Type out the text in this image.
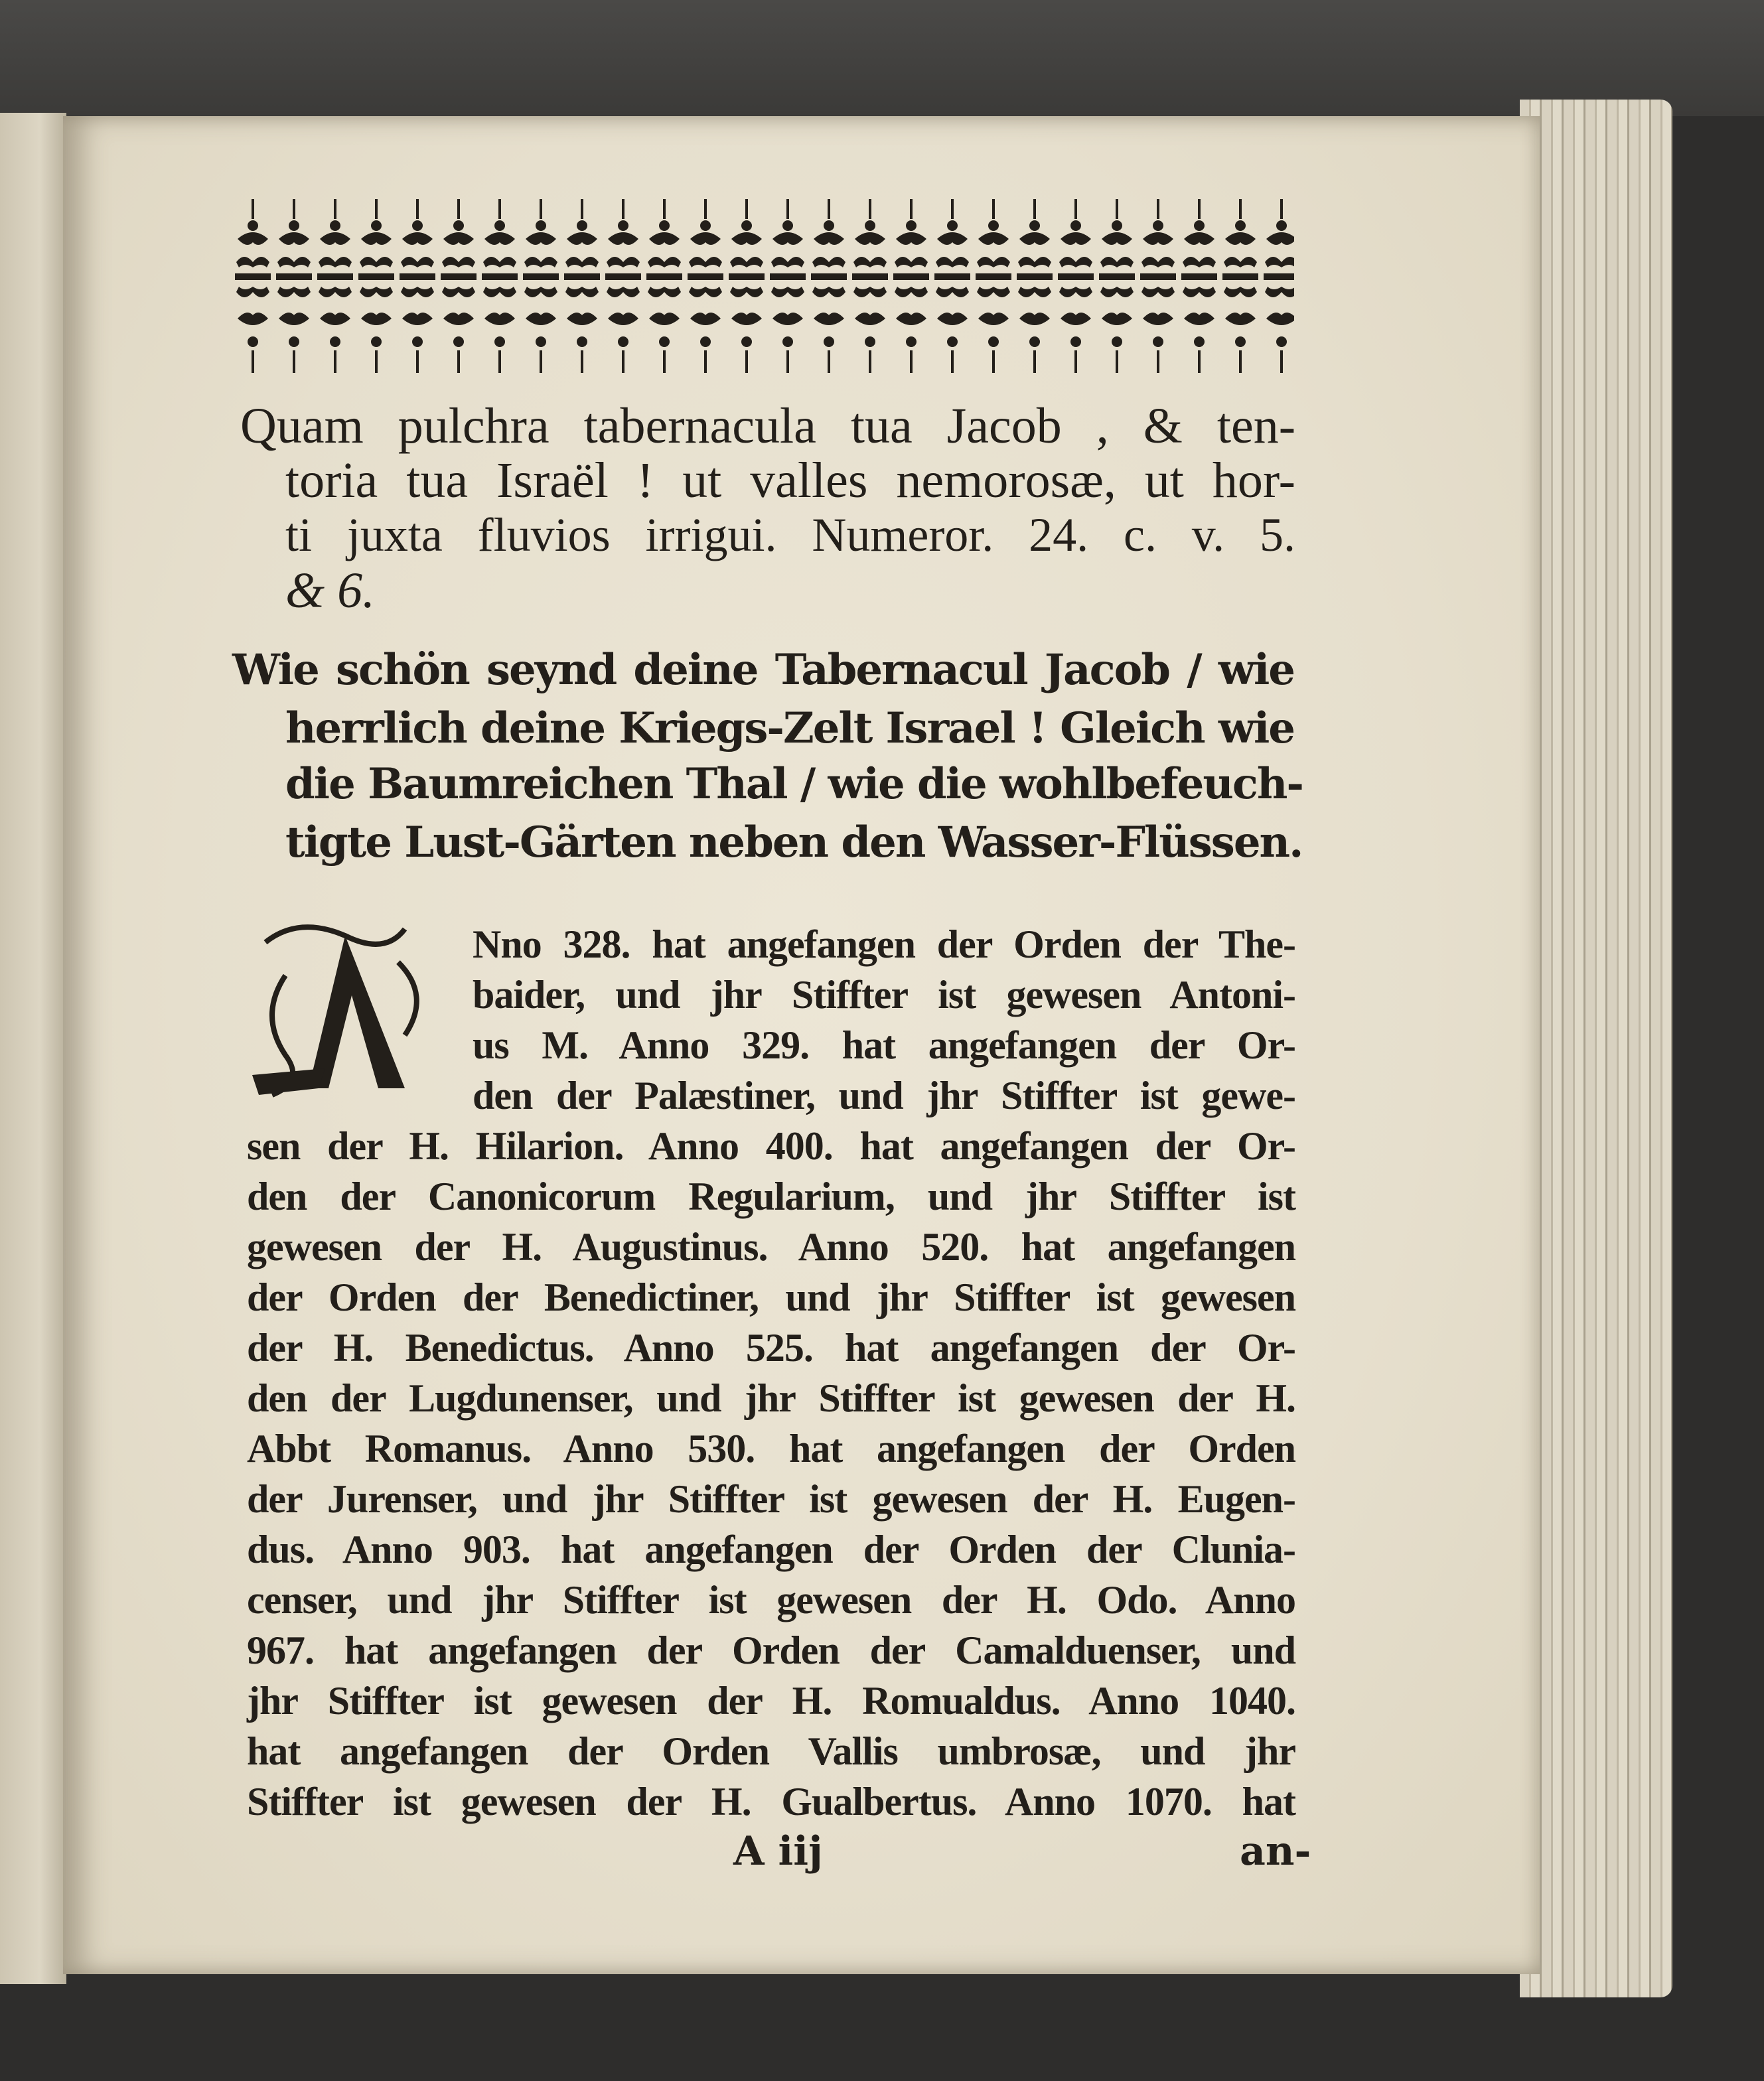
Quam pulchra tabernacula tua Jacob , & ten-
toria tua Israël ! ut valles nemorosæ, ut hor-
ti juxta fluvios irrigui. Numeror. 24. c. v. 5.
& 6.
Wie schön seynd deine Tabernacul Jacob / wie
herrlich deine Kriegs-Zelt Israel ! Gleich wie
die Baumreichen Thal / wie die wohlbefeuch-
tigte Lust-Gärten neben den Wasser-Flüssen.
A
Nno 328. hat angefangen der Orden der The-
baider, und jhr Stiffter ist gewesen Antoni-
us M. Anno 329. hat angefangen der Or-
den der Palæstiner, und jhr Stiffter ist gewe-
sen der H. Hilarion. Anno 400. hat angefangen der Or-
den der Canonicorum Regularium, und jhr Stiffter ist
gewesen der H. Augustinus. Anno 520. hat angefangen
der Orden der Benedictiner, und jhr Stiffter ist gewesen
der H. Benedictus. Anno 525. hat angefangen der Or-
den der Lugdunenser, und jhr Stiffter ist gewesen der H.
Abbt Romanus. Anno 530. hat angefangen der Orden
der Jurenser, und jhr Stiffter ist gewesen der H. Eugen-
dus. Anno 903. hat angefangen der Orden der Clunia-
censer, und jhr Stiffter ist gewesen der H. Odo. Anno
967. hat angefangen der Orden der Camalduenser, und
jhr Stiffter ist gewesen der H. Romualdus. Anno 1040.
hat angefangen der Orden Vallis umbrosæ, und jhr
Stiffter ist gewesen der H. Gualbertus. Anno 1070. hat
A iij	an-
